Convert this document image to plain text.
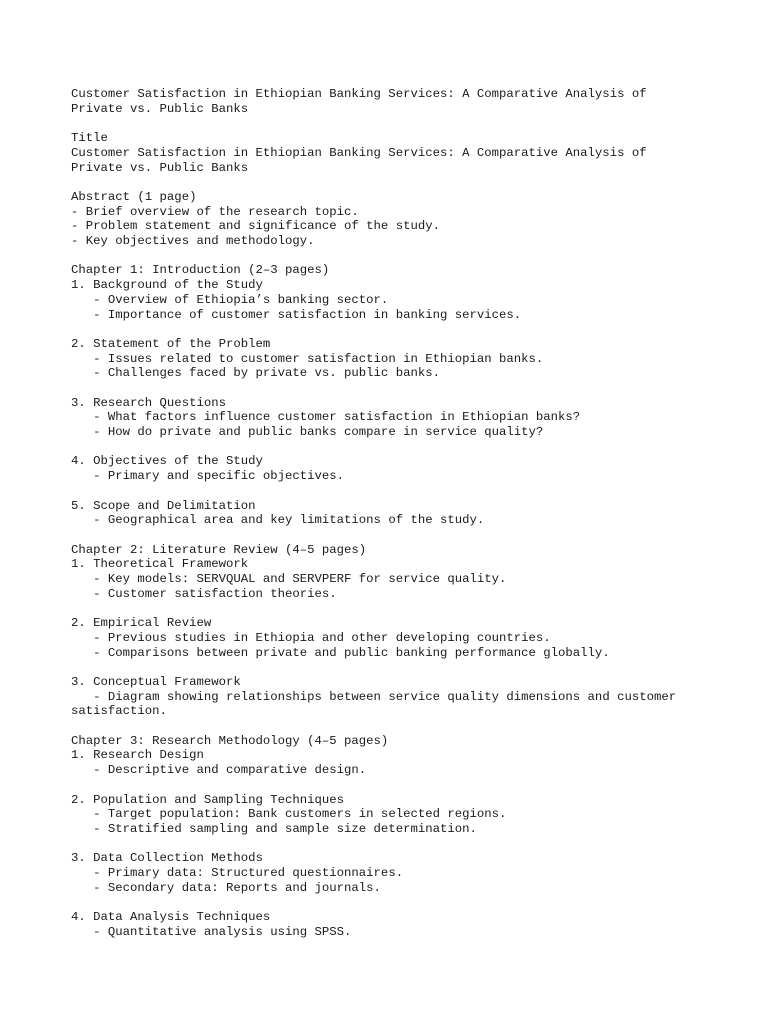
Customer Satisfaction in Ethiopian Banking Services: A Comparative Analysis of
Private vs. Public Banks
Title
Customer Satisfaction in Ethiopian Banking Services: A Comparative Analysis of
Private vs. Public Banks
Abstract (1 page)
- Brief overview of the research topic.
- Problem statement and significance of the study.
- Key objectives and methodology.
Chapter 1: Introduction (2–3 pages)
1. Background of the Study
- Overview of Ethiopia’s banking sector.
- Importance of customer satisfaction in banking services.
2. Statement of the Problem
- Issues related to customer satisfaction in Ethiopian banks.
- Challenges faced by private vs. public banks.
3. Research Questions
- What factors influence customer satisfaction in Ethiopian banks?
- How do private and public banks compare in service quality?
4. Objectives of the Study
- Primary and specific objectives.
5. Scope and Delimitation
- Geographical area and key limitations of the study.
Chapter 2: Literature Review (4–5 pages)
1. Theoretical Framework
- Key models: SERVQUAL and SERVPERF for service quality.
- Customer satisfaction theories.
2. Empirical Review
- Previous studies in Ethiopia and other developing countries.
- Comparisons between private and public banking performance globally.
3. Conceptual Framework
- Diagram showing relationships between service quality dimensions and customer
satisfaction.
Chapter 3: Research Methodology (4–5 pages)
1. Research Design
- Descriptive and comparative design.
2. Population and Sampling Techniques
- Target population: Bank customers in selected regions.
- Stratified sampling and sample size determination.
3. Data Collection Methods
- Primary data: Structured questionnaires.
- Secondary data: Reports and journals.
4. Data Analysis Techniques
- Quantitative analysis using SPSS.
